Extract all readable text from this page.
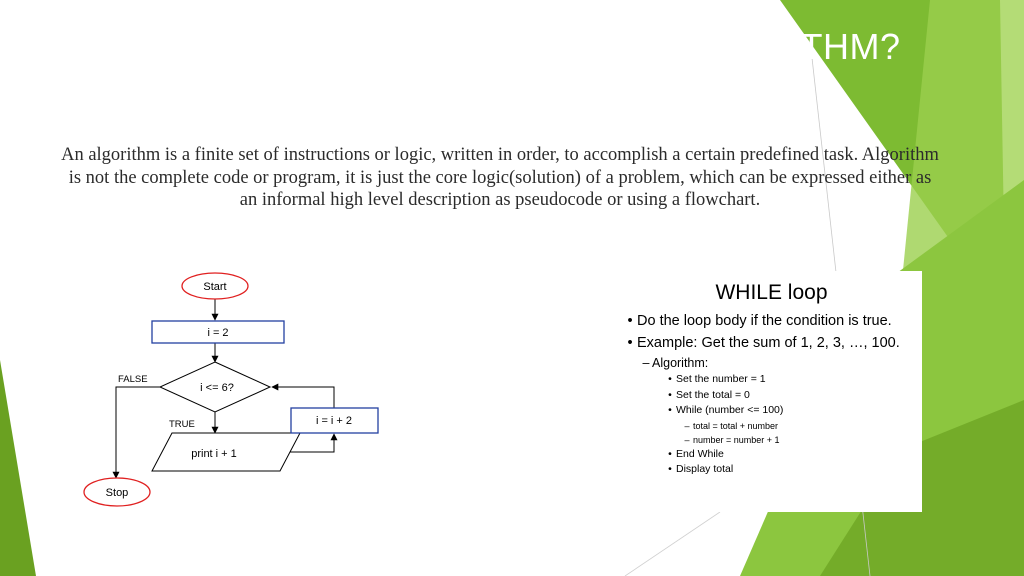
ITHM?

An algorithm is a finite set of instructions or logic, written in order, to accomplish a certain predefined task. Algorithm is not the complete code or program, it is just the core logic(solution) of a problem, which can be expressed either as an informal high level description as pseudocode or using a flowchart.

Start
i = 2
i <= 6?
FALSE
TRUE
print i + 1
i = i + 2
Stop
WHILE loop
• Do the loop body if the condition is true.
• Example: Get the sum of 1, 2, 3, …, 100.
– Algorithm:
• Set the number = 1
• Set the total = 0
• While (number <= 100)
– total = total + number
– number = number + 1
• End While
• Display total
